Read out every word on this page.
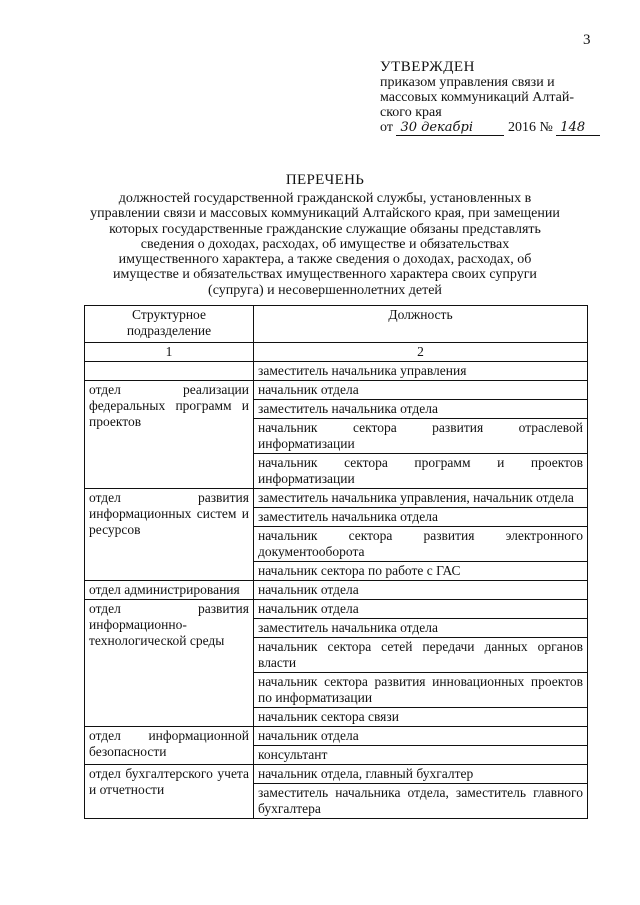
3
УТВЕРЖДЕН
приказом управления связи и
массовых коммуникаций Алтай-
ского края
от 30 декабрі 2016 № 148
ПЕРЕЧЕНЬ
должностей государственной гражданской службы, установленных в управлении связи и массовых коммуникаций Алтайского края, при замещении которых государственные гражданские служащие обязаны представлять сведения о доходах, расходах, об имуществе и обязательствах имущественного характера, а также сведения о доходах, расходах, об имуществе и обязательствах имущественного характера своих супруги (супруга) и несовершеннолетних детей
Структурное подразделение	Должность
1	2
	заместитель начальника управления
отдел реализации федеральных программ и проектов	начальник отдела
	заместитель начальника отдела
	начальник сектора развития отраслевой информатизации
	начальник сектора программ и проектов информатизации
отдел развития информационных систем и ресурсов	заместитель начальника управления, начальник отдела
	заместитель начальника отдела
	начальник сектора развития электронного документооборота
	начальник сектора по работе с ГАС
отдел администрирования	начальник отдела
отдел развития информационно-технологической среды	начальник отдела
	заместитель начальника отдела
	начальник сектора сетей передачи данных органов власти
	начальник сектора развития инновационных проектов по информатизации
	начальник сектора связи
отдел информационной безопасности	начальник отдела
	консультант
отдел бухгалтерского учета и отчетности	начальник отдела, главный бухгалтер
	заместитель начальника отдела, заместитель главного бухгалтера
